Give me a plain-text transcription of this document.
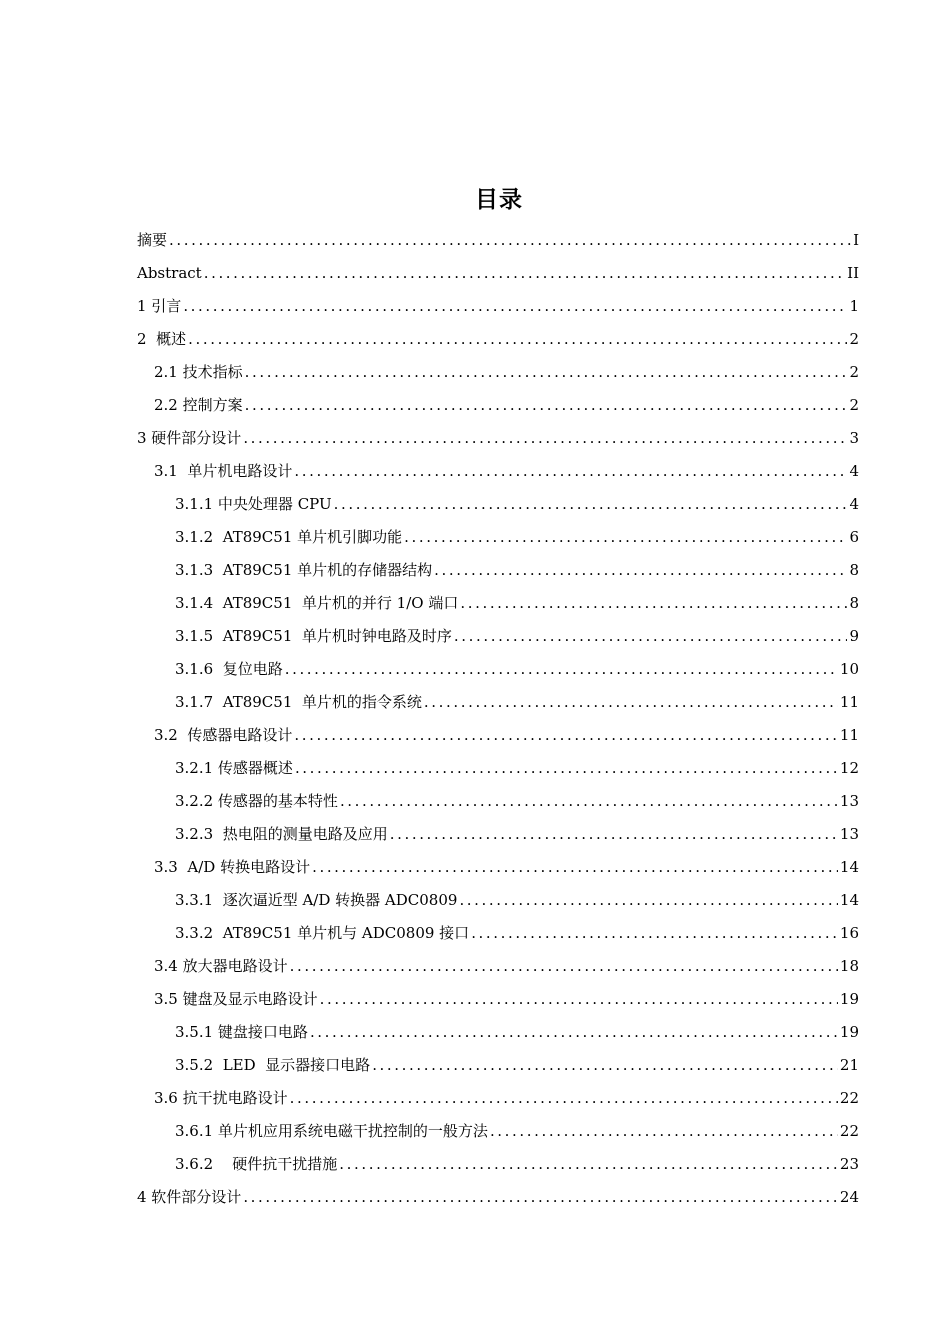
目录
摘要 .....	I
Abstract .....	II
1 引言 .....	1
2  概述 .....	2
2.1 技术指标 .....	2
2.2 控制方案 .....	2
3 硬件部分设计 .....	3
3.1  单片机电路设计 .....	4
3.1.1 中央处理器 CPU .....	4
3.1.2  AT89C51 单片机引脚功能 .....	6
3.1.3  AT89C51 单片机的存储器结构 .....	8
3.1.4  AT89C51  单片机的并行 1/O 端口 .....	8
3.1.5  AT89C51  单片机时钟电路及时序 .....	9
3.1.6  复位电路 .....	10
3.1.7  AT89C51  单片机的指令系统 .....	11
3.2  传感器电路设计 .....	11
3.2.1 传感器概述 .....	12
3.2.2 传感器的基本特性 .....	13
3.2.3  热电阻的测量电路及应用 .....	13
3.3  A/D 转换电路设计 .....	14
3.3.1  逐次逼近型 A/D 转换器 ADC0809 .....	14
3.3.2  AT89C51 单片机与 ADC0809 接口 .....	16
3.4 放大器电路设计 .....	18
3.5 键盘及显示电路设计 .....	19
3.5.1 键盘接口电路 .....	19
3.5.2  LED  显示器接口电路 .....	21
3.6 抗干扰电路设计 .....	22
3.6.1 单片机应用系统电磁干扰控制的一般方法 .....	22
3.6.2    硬件抗干扰措施 .....	23
4 软件部分设计 .....	24
